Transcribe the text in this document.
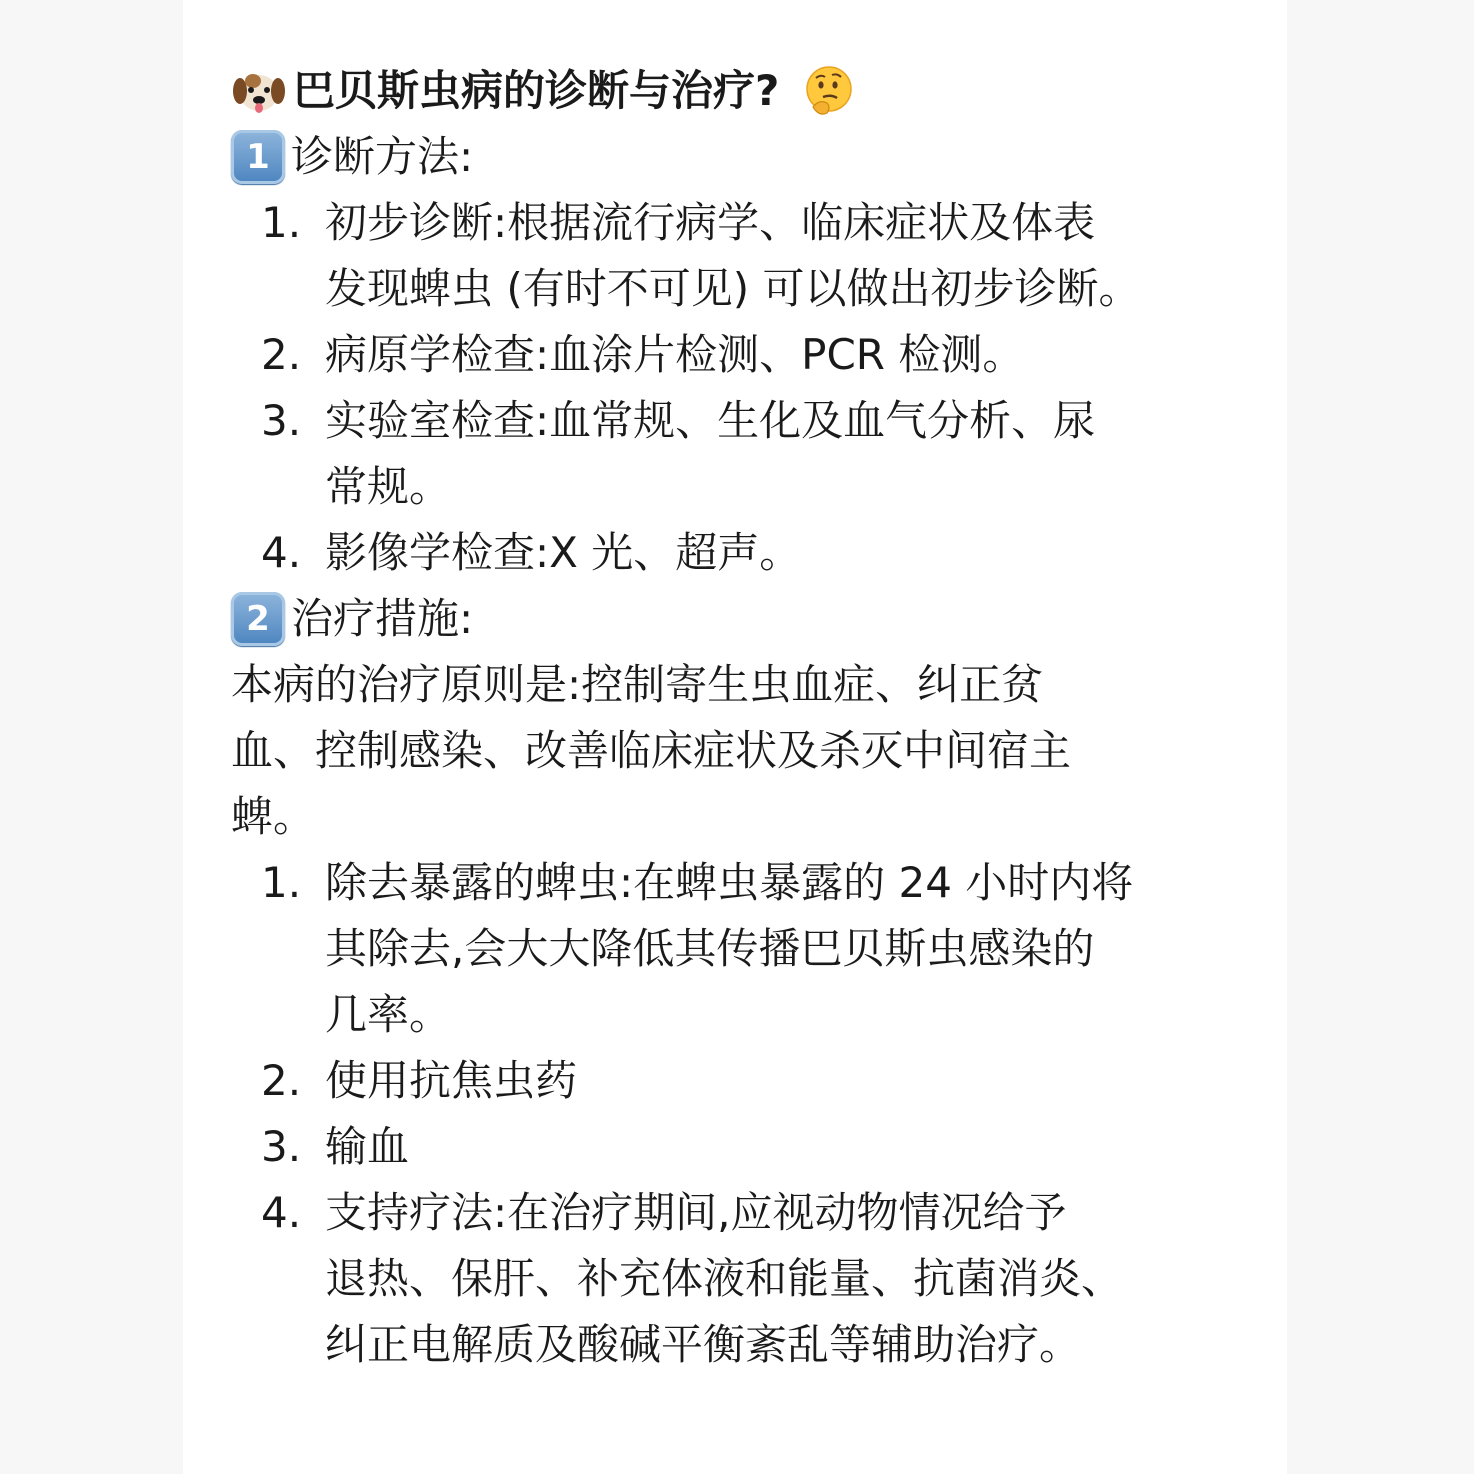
巴贝斯虫病的诊断与治疗?
1 诊断方法:
1. 初步诊断:根据流行病学、临床症状及体表
发现蜱虫 (有时不可见) 可以做出初步诊断。
2. 病原学检查:血涂片检测、PCR 检测。
3. 实验室检查:血常规、生化及血气分析、尿
常规。
4. 影像学检查:X 光、超声。
2 治疗措施:
本病的治疗原则是:控制寄生虫血症、纠正贫
血、控制感染、改善临床症状及杀灭中间宿主
蜱。
1. 除去暴露的蜱虫:在蜱虫暴露的 24 小时内将
其除去,会大大降低其传播巴贝斯虫感染的
几率。
2. 使用抗焦虫药
3. 输血
4. 支持疗法:在治疗期间,应视动物情况给予
退热、保肝、补充体液和能量、抗菌消炎、
纠正电解质及酸碱平衡紊乱等辅助治疗。
